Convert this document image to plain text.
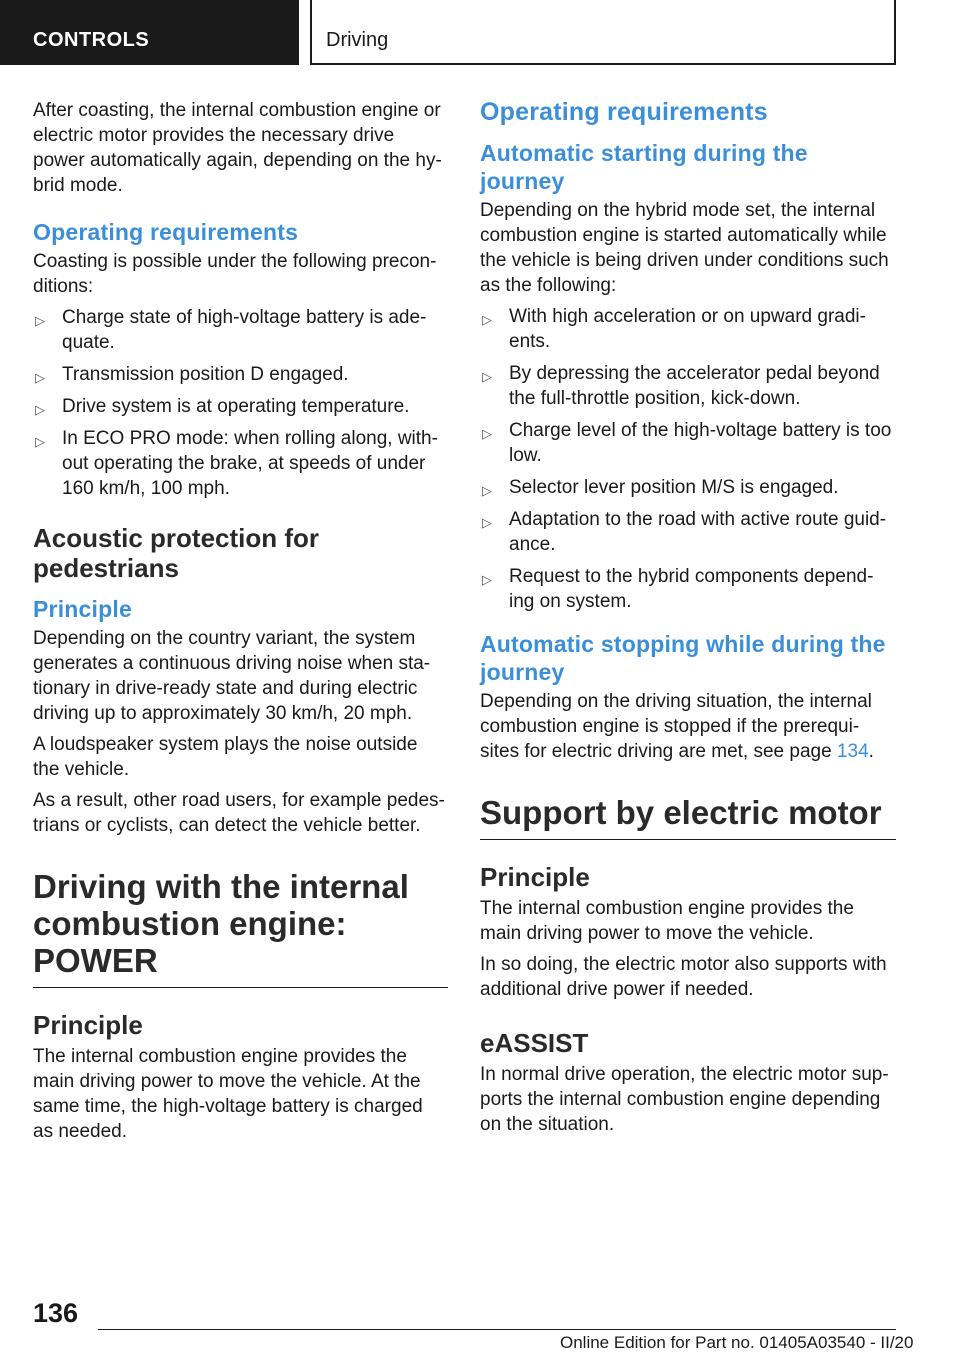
CONTROLS	Driving

After coasting, the internal combustion engine or electric motor provides the necessary drive power automatically again, depending on the hy‐brid mode.

Operating requirements

Coasting is possible under the following precon‐ditions:

▷ Charge state of high-voltage battery is ade‐quate.
▷ Transmission position D engaged.
▷ Drive system is at operating temperature.
▷ In ECO PRO mode: when rolling along, with‐out operating the brake, at speeds of under 160 km/h, 100 mph.
Acoustic protection for pedestrians
Principle

Depending on the country variant, the system generates a continuous driving noise when sta‐tionary in drive-ready state and during electric driving up to approximately 30 km/h, 20 mph.

A loudspeaker system plays the noise outside the vehicle.

As a result, other road users, for example pedes‐trians or cyclists, can detect the vehicle better.

Driving with the internal combustion engine: POWER
Principle

The internal combustion engine provides the main driving power to move the vehicle. At the same time, the high-voltage battery is charged as needed.

Operating requirements
Automatic starting during the journey

Depending on the hybrid mode set, the internal combustion engine is started automatically while the vehicle is being driven under conditions such as the following:

▷ With high acceleration or on upward gradi‐ents.
▷ By depressing the accelerator pedal beyond the full-throttle position, kick-down.
▷ Charge level of the high-voltage battery is too low.
▷ Selector lever position M/S is engaged.
▷ Adaptation to the road with active route guid‐ance.
▷ Request to the hybrid components depend‐ing on system.
Automatic stopping while during the journey

Depending on the driving situation, the internal combustion engine is stopped if the prerequi‐sites for electric driving are met, see page 134.

Support by electric motor
Principle

The internal combustion engine provides the main driving power to move the vehicle.

In so doing, the electric motor also supports with additional drive power if needed.

eASSIST

In normal drive operation, the electric motor sup‐ports the internal combustion engine depending on the situation.

136
Online Edition for Part no. 01405A03540 - II/20
